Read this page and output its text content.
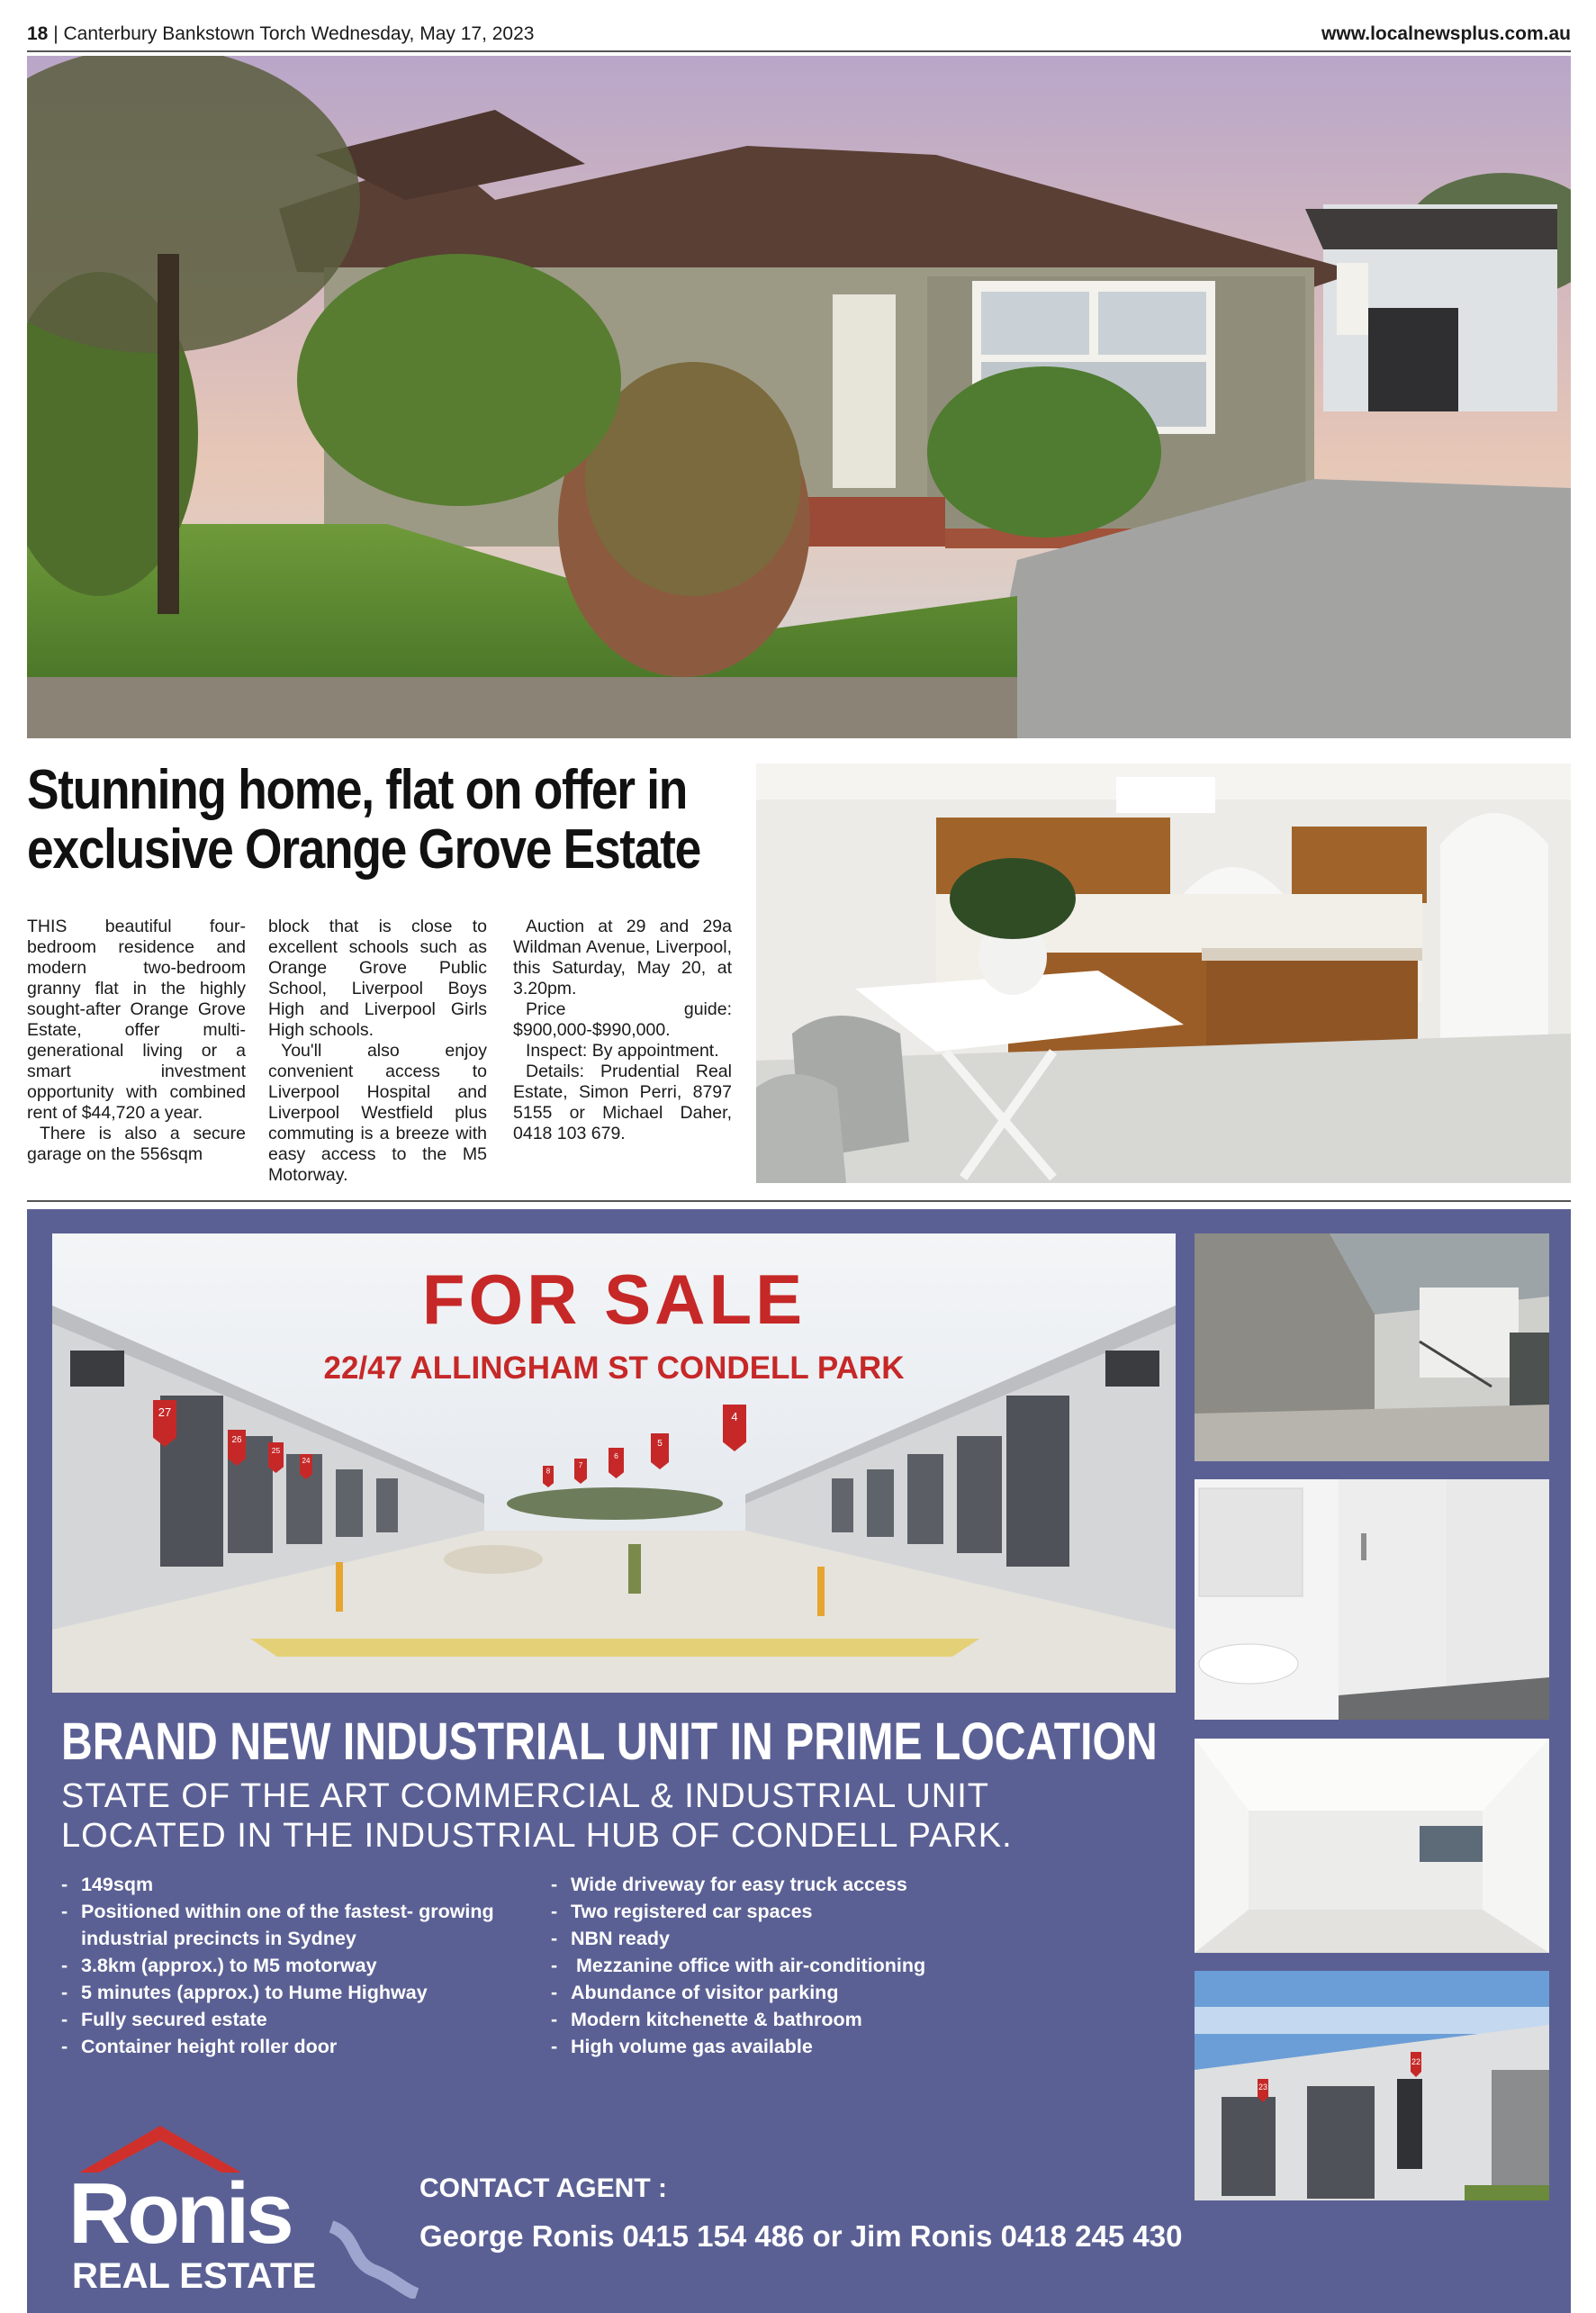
18 | Canterbury Bankstown Torch Wednesday, May 17, 2023	www.localnewsplus.com.au
Stunning home, flat on offer in
exclusive Orange Grove Estate

THIS beautiful four-bedroom residence and modern two-bedroom granny flat in the highly sought-after Orange Grove Estate, offer multi-generational living or a smart investment opportunity with combined rent of $44,720 a year.

There is also a secure garage on the 556sqm

block that is close to excellent schools such as Orange Grove Public School, Liverpool Boys High and Liverpool Girls High schools.

You'll also enjoy convenient access to Liverpool Hospital and Liverpool Westfield plus commuting is a breeze with easy access to the M5 Motorway.

Auction at 29 and 29a Wildman Avenue, Liverpool, this Saturday, May 20, at 3.20pm.

Price guide: $900,000-$990,000.

Inspect: By appointment.

Details: Prudential Real Estate, Simon Perri, 8797 5155 or Michael Daher, 0418 103 679.

27
26
25
24
4
5
6
7
8
FOR SALE
22/47 ALLINGHAM ST CONDELL PARK
23
22
BRAND NEW INDUSTRIAL UNIT IN PRIME LOCATION
STATE OF THE ART COMMERCIAL & INDUSTRIAL UNIT
LOCATED IN THE INDUSTRIAL HUB OF CONDELL PARK.
- 149sqm
- Positioned within one of the fastest- growing
industrial precincts in Sydney
- 3.8km (approx.) to M5 motorway
- 5 minutes (approx.) to Hume Highway
- Fully secured estate
- Container height roller door
- Wide driveway for easy truck access
- Two registered car spaces
- NBN ready
-  Mezzanine office with air-conditioning
- Abundance of visitor parking
- Modern kitchenette & bathroom
- High volume gas available
Ronis
REAL ESTATE
CONTACT AGENT :
George Ronis 0415 154 486 or Jim Ronis 0418 245 430
